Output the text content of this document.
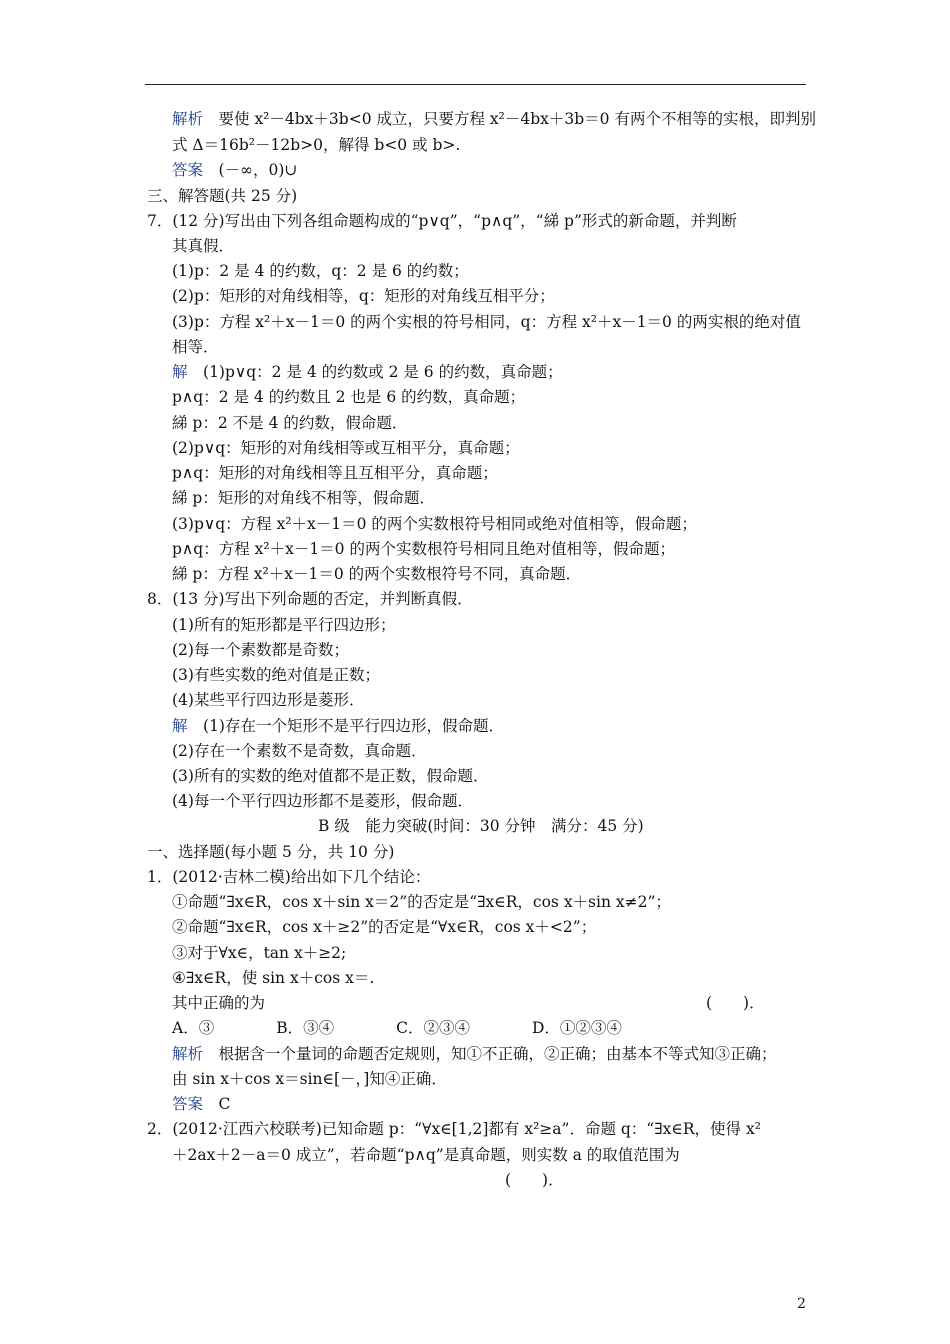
解析　要使 x²－4bx＋3b<0 成立，只要方程 x²－4bx＋3b＝0 有两个不相等的实根，即判别
式 Δ＝16b²－12b>0，解得 b<0 或 b>.
答案　(－∞，0)∪
三、解答题(共 25 分)
7．(12 分)写出由下列各组命题构成的“p∨q”，“p∧q”，“綈 p”形式的新命题，并判断
其真假．
(1)p：2 是 4 的约数，q：2 是 6 的约数；
(2)p：矩形的对角线相等，q：矩形的对角线互相平分；
(3)p：方程 x²＋x－1＝0 的两个实根的符号相同，q：方程 x²＋x－1＝0 的两实根的绝对值
相等．
解　(1)p∨q：2 是 4 的约数或 2 是 6 的约数，真命题；
p∧q：2 是 4 的约数且 2 也是 6 的约数，真命题；
綈 p：2 不是 4 的约数，假命题．
(2)p∨q：矩形的对角线相等或互相平分，真命题；
p∧q：矩形的对角线相等且互相平分，真命题；
綈 p：矩形的对角线不相等，假命题．
(3)p∨q：方程 x²＋x－1＝0 的两个实数根符号相同或绝对值相等，假命题；
p∧q：方程 x²＋x－1＝0 的两个实数根符号相同且绝对值相等，假命题；
綈 p：方程 x²＋x－1＝0 的两个实数根符号不同，真命题．
8．(13 分)写出下列命题的否定，并判断真假．
(1)所有的矩形都是平行四边形；
(2)每一个素数都是奇数；
(3)有些实数的绝对值是正数；
(4)某些平行四边形是菱形．
解　(1)存在一个矩形不是平行四边形，假命题．
(2)存在一个素数不是奇数，真命题．
(3)所有的实数的绝对值都不是正数，假命题．
(4)每一个平行四边形都不是菱形，假命题．
B 级　能力突破(时间：30 分钟　满分：45 分)
一、选择题(每小题 5 分，共 10 分)
1．(2012·吉林二模)给出如下几个结论：
①命题“∃x∈R，cos x＋sin x＝2”的否定是“∃x∈R，cos x＋sin x≠2”；
②命题“∃x∈R，cos x＋≥2”的否定是“∀x∈R，cos x＋<2”；
③对于∀x∈，tan x＋≥2;
④∃x∈R，使 sin x＋cos x＝.
其中正确的为	(　　)．
A．③　　　　B．③④　　　　C．②③④　　　　D．①②③④
解析　根据含一个量词的命题否定规则，知①不正确，②正确；由基本不等式知③正确；
由 sin x＋cos x＝sin∈[－，]知④正确．
答案　C
2．(2012·江西六校联考)已知命题 p：“∀x∈[1,2]都有 x²≥a”．命题 q：“∃x∈R，使得 x²
＋2ax＋2－a＝0 成立”，若命题“p∧q”是真命题，则实数 a 的取值范围为
(　　)．
2
